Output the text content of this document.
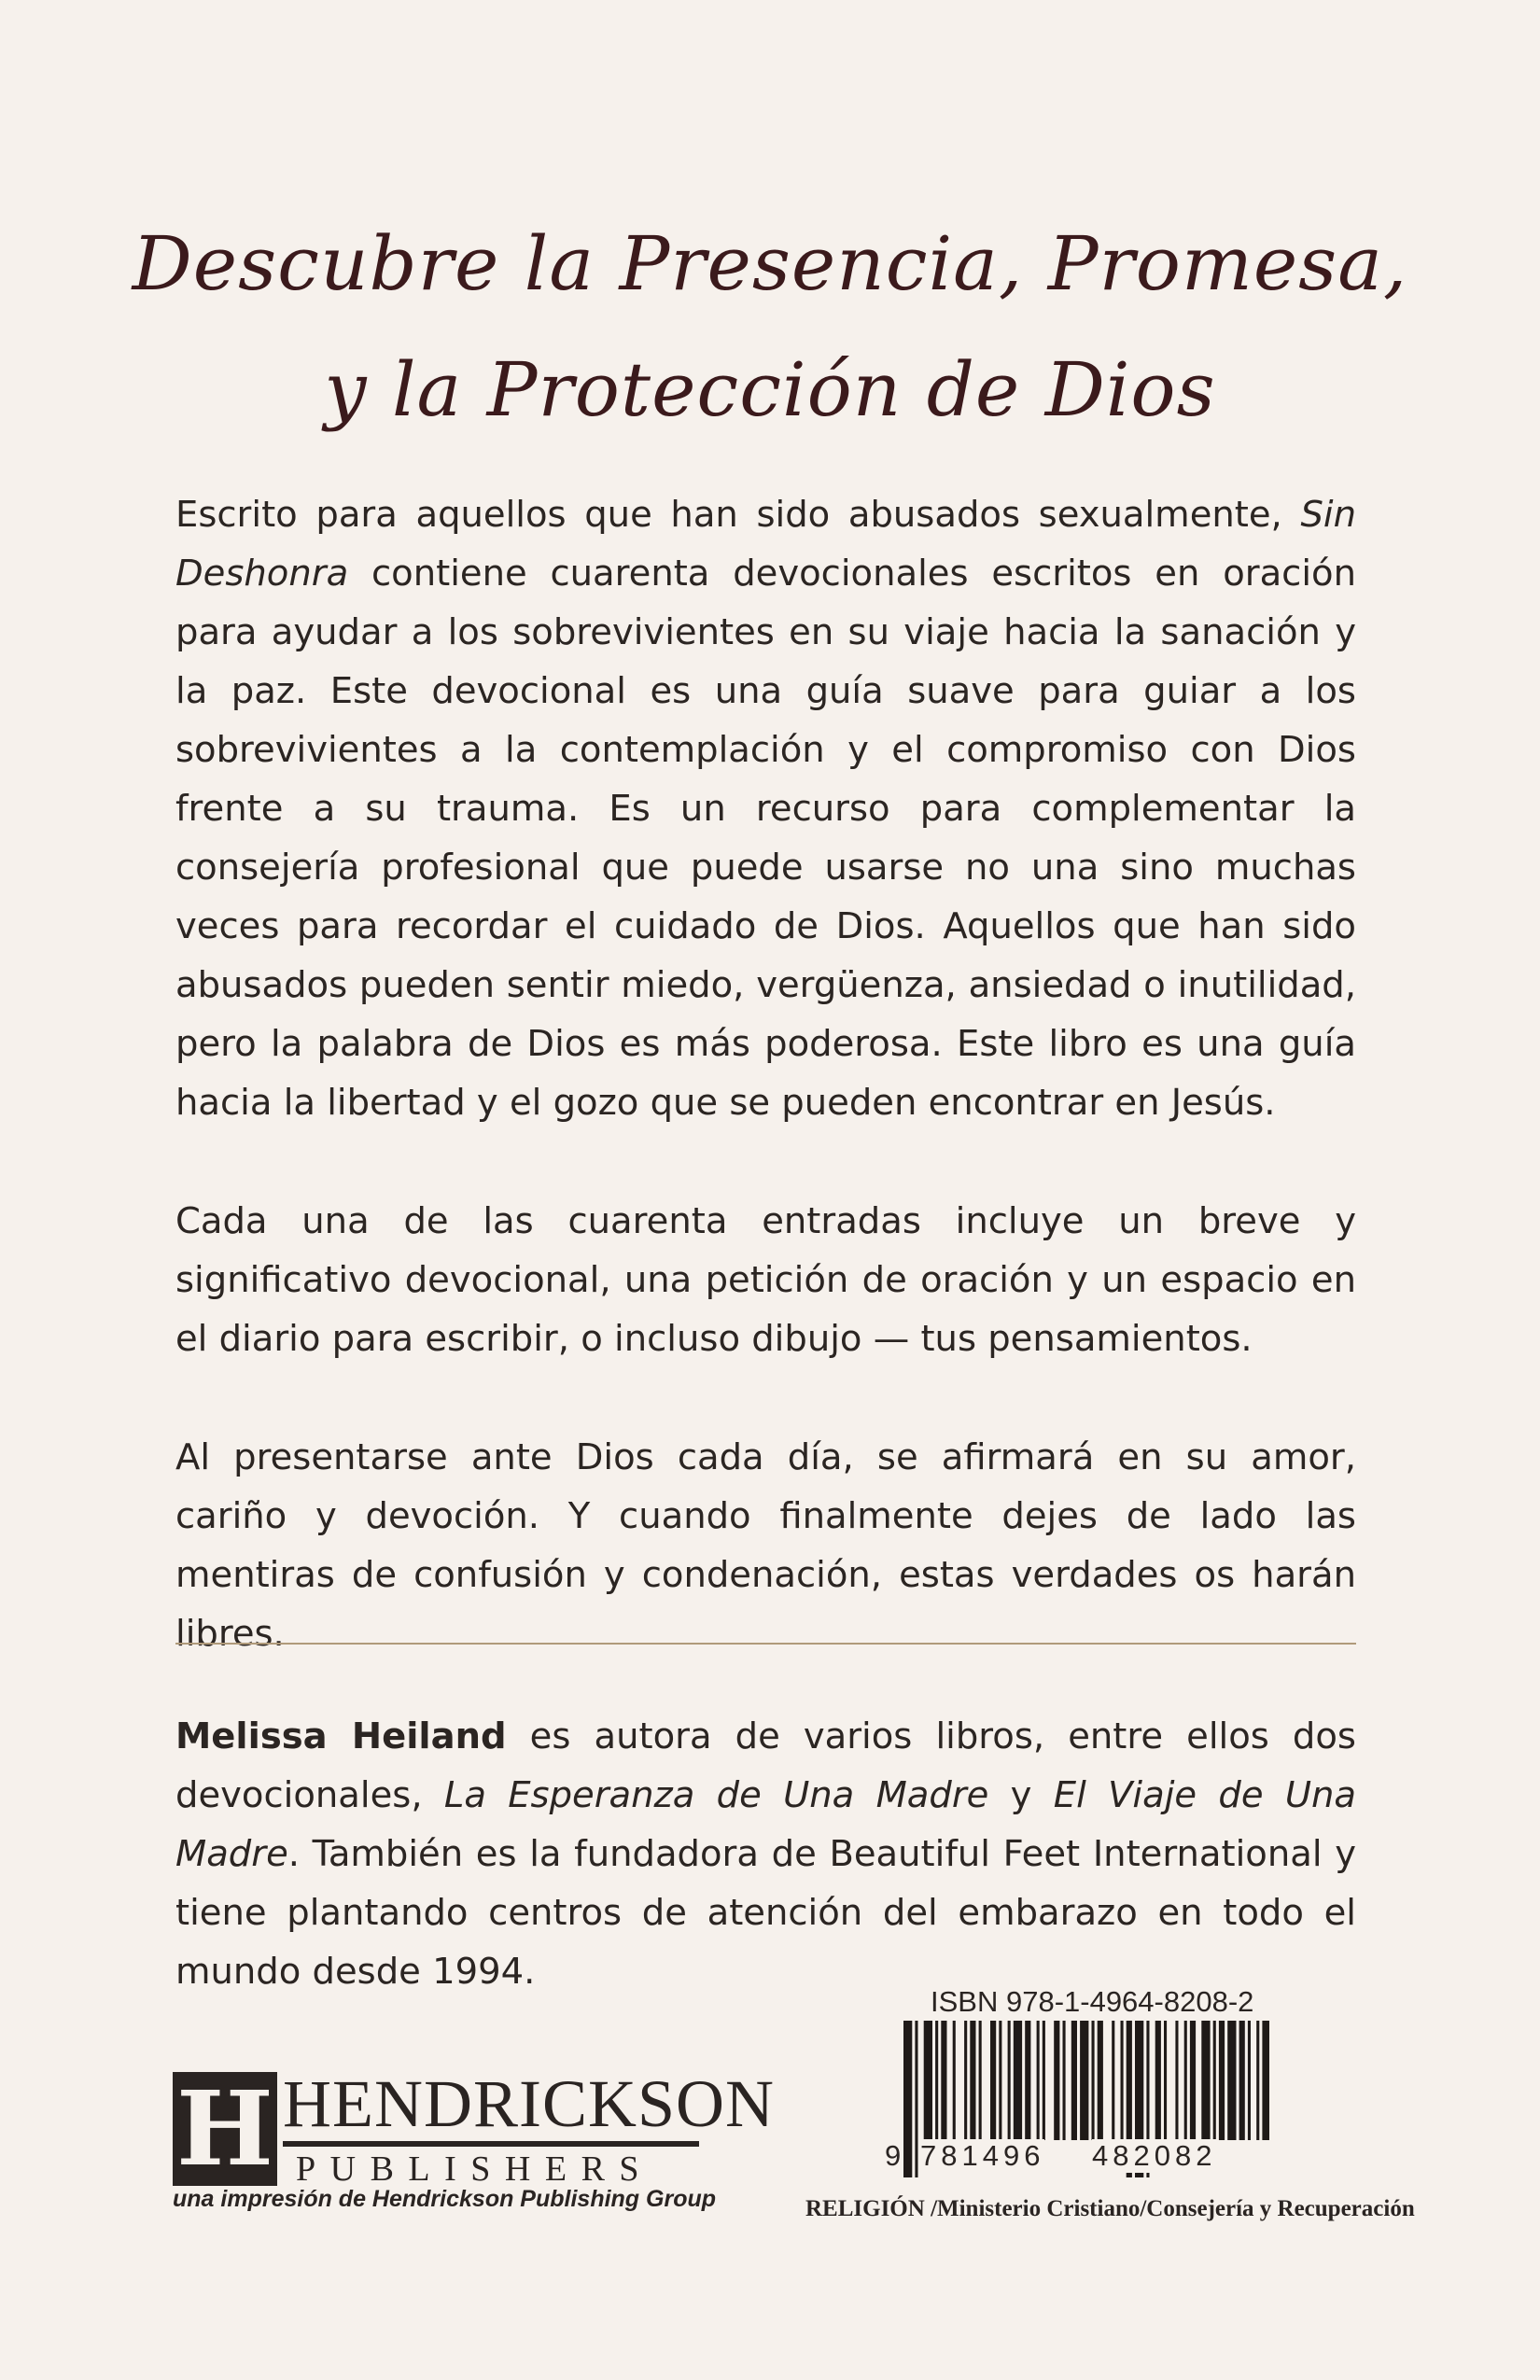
Descubre la Presencia, Promesa,
y la Protección de Dios

Escrito para aquellos que han sido abusados sexualmente, Sin Deshonra contiene cuarenta devocionales escritos en oración para ayudar a los sobrevivientes en su viaje hacia la sanación y la paz. Este devocional es una guía suave para guiar a los sobrevivientes a la contemplación y el compromiso con Dios frente a su trauma. Es un recurso para complementar la consejería profesional que puede usarse no una sino muchas veces para recordar el cuidado de Dios. Aquellos que han sido abusados pueden sentir miedo, vergüenza, ansiedad o inutilidad, pero la palabra de Dios es más poderosa. Este libro es una guía hacia la libertad y el gozo que se pueden encontrar en Jesús.

Cada una de las cuarenta entradas incluye un breve y significativo devocional, una petición de oración y un espacio en el diario para escribir, o incluso dibujo — tus pensamientos.

Al presentarse ante Dios cada día, se afirmará en su amor, cariño y devoción. Y cuando finalmente dejes de lado las mentiras de confusión y condenación, estas verdades os harán libres.

Melissa Heiland es autora de varios libros, entre ellos dos devocionales, La Esperanza de Una Madre y El Viaje de Una Madre. También es la fundadora de Beautiful Feet International y tiene plantando centros de atención del embarazo en todo el mundo desde 1994.

H HENDRICKSON
PUBLISHERS
una impresión de Hendrickson Publishing Group
ISBN 978-1-4964-8208-2
9 781496 482082
RELIGIÓN /Ministerio Cristiano/Consejería y Recuperación
